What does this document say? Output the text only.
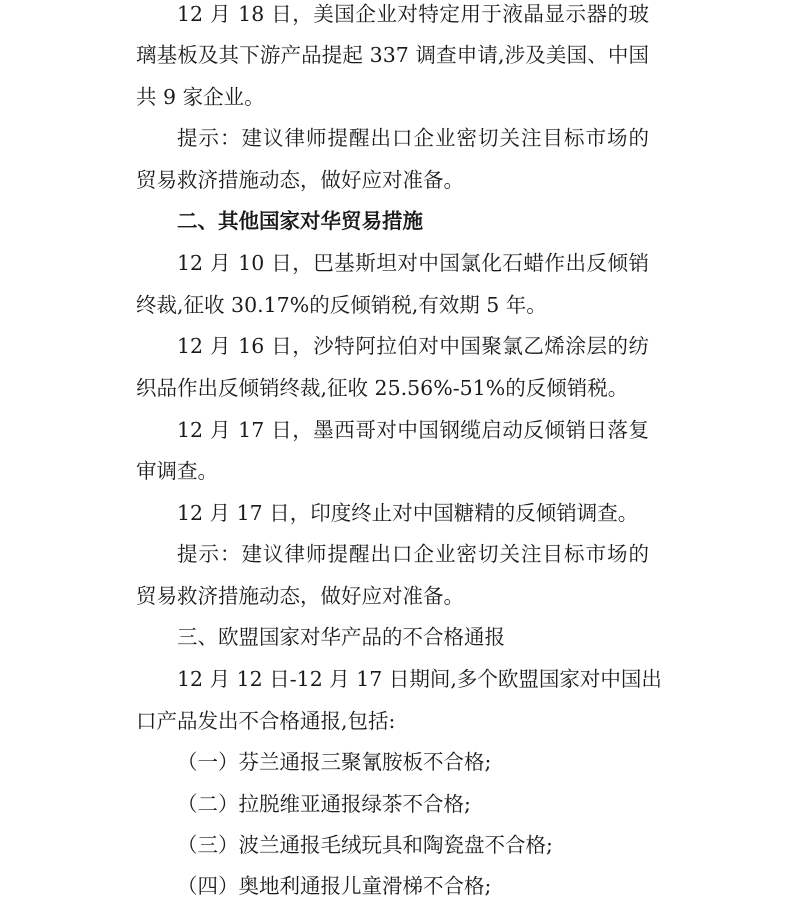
12 月 18 日，美国企业对特定用于液晶显示器的玻
璃基板及其下游产品提起 337 调查申请,涉及美国、中国
共 9 家企业。
提示：建议律师提醒出口企业密切关注目标市场的
贸易救济措施动态，做好应对准备。
二、其他国家对华贸易措施
12 月 10 日，巴基斯坦对中国氯化石蜡作出反倾销
终裁,征收 30.17%的反倾销税,有效期 5 年。
12 月 16 日，沙特阿拉伯对中国聚氯乙烯涂层的纺
织品作出反倾销终裁,征收 25.56%-51%的反倾销税。
12 月 17 日，墨西哥对中国钢缆启动反倾销日落复
审调查。
12 月 17 日，印度终止对中国糖精的反倾销调查。
提示：建议律师提醒出口企业密切关注目标市场的
贸易救济措施动态，做好应对准备。
三、欧盟国家对华产品的不合格通报
12 月 12 日-12 月 17 日期间,多个欧盟国家对中国出
口产品发出不合格通报,包括:
（一）芬兰通报三聚氰胺板不合格;
（二）拉脱维亚通报绿茶不合格;
（三）波兰通报毛绒玩具和陶瓷盘不合格;
（四）奥地利通报儿童滑梯不合格;
